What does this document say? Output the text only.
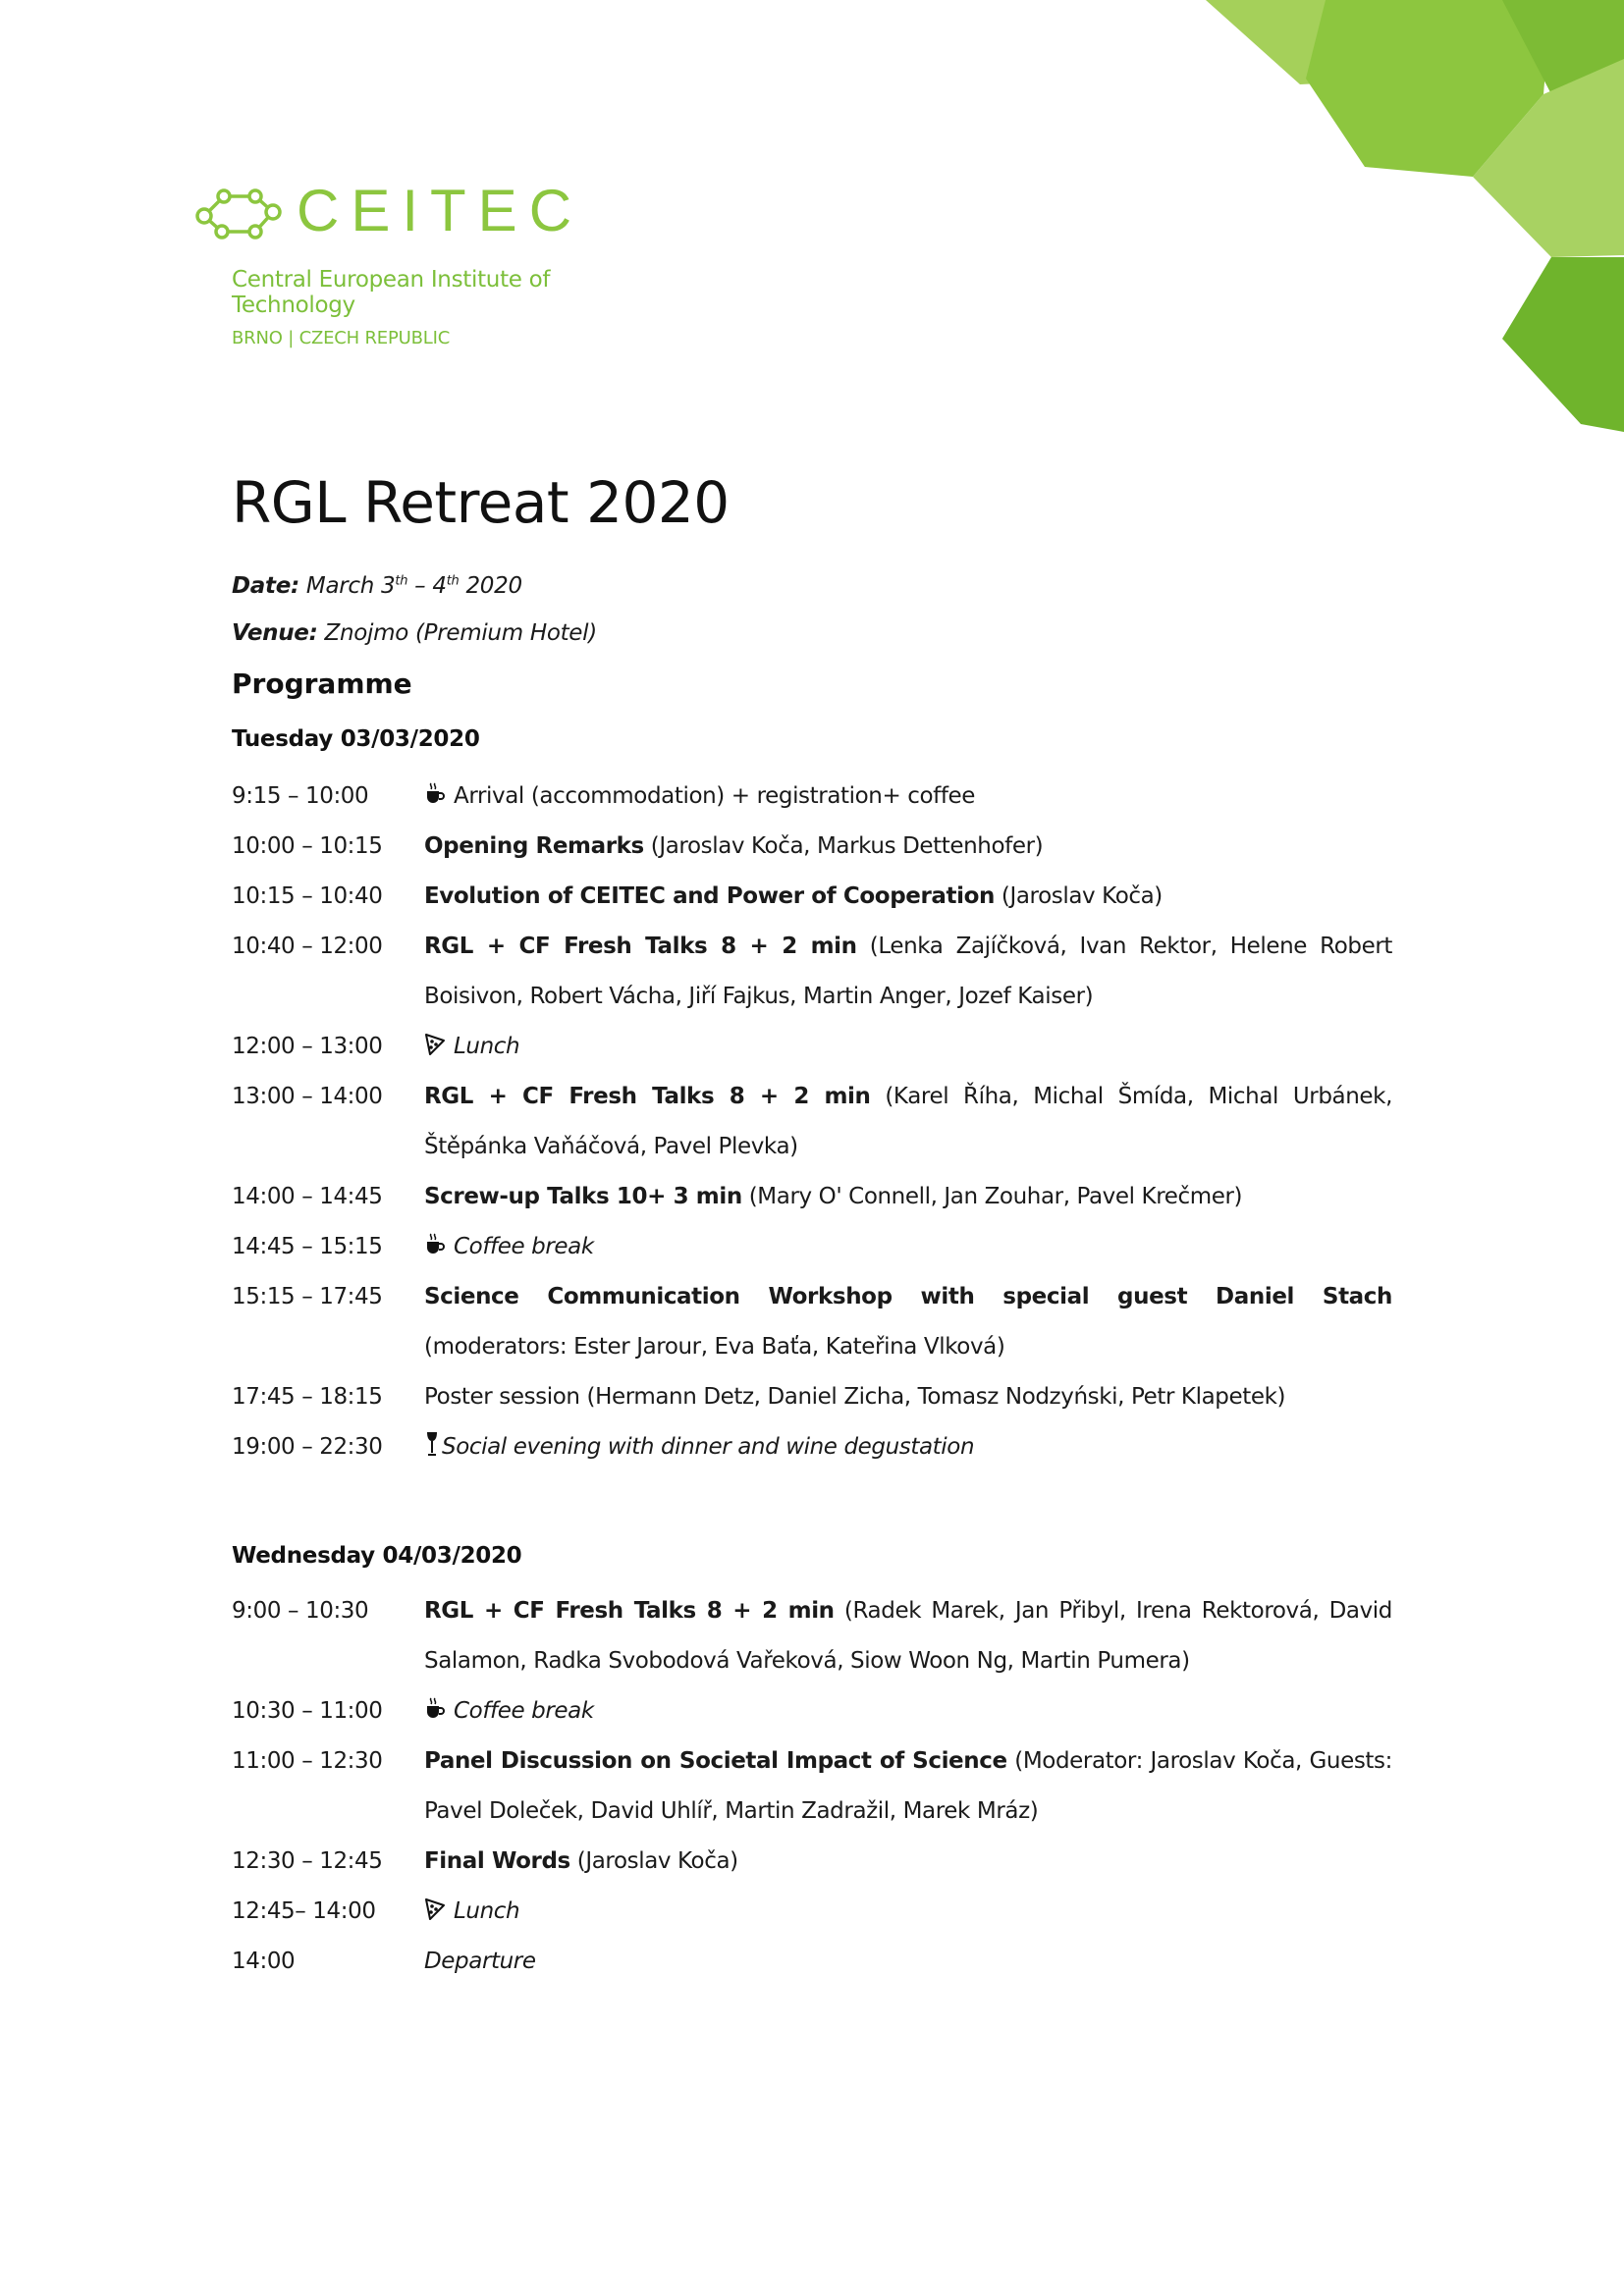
CEITEC
Central European Institute of Technology
BRNO | CZECH REPUBLIC
RGL Retreat 2020
Date: March 3th – 4th 2020
Venue: Znojmo (Premium Hotel)
Programme
Tuesday 03/03/2020
9:15 – 10:00	Arrival (accommodation) + registration+ coffee
10:00 – 10:15	Opening Remarks (Jaroslav Koča, Markus Dettenhofer)
10:15 – 10:40	Evolution of CEITEC and Power of Cooperation (Jaroslav Koča)
10:40 – 12:00	RGL + CF Fresh Talks 8 + 2 min (Lenka Zajíčková, Ivan Rektor, Helene Robert Boisivon, Robert Vácha, Jiří Fajkus, Martin Anger, Jozef Kaiser)
12:00 – 13:00	Lunch
13:00 – 14:00	RGL + CF Fresh Talks 8 + 2 min (Karel Říha, Michal Šmída, Michal Urbánek, Štěpánka Vaňáčová, Pavel Plevka)
14:00 – 14:45	Screw-up Talks 10+ 3 min (Mary O' Connell, Jan Zouhar, Pavel Krečmer)
14:45 – 15:15	Coffee break
15:15 – 17:45	Science Communication Workshop with special guest Daniel Stach (moderators: Ester Jarour, Eva Baťa, Kateřina Vlková)
17:45 – 18:15	Poster session (Hermann Detz, Daniel Zicha, Tomasz Nodzyński, Petr Klapetek)
19:00 – 22:30	Social evening with dinner and wine degustation
Wednesday 04/03/2020
9:00 – 10:30	RGL + CF Fresh Talks 8 + 2 min (Radek Marek, Jan Přibyl, Irena Rektorová, David Salamon, Radka Svobodová Vařeková, Siow Woon Ng, Martin Pumera)
10:30 – 11:00	Coffee break
11:00 – 12:30	Panel Discussion on Societal Impact of Science (Moderator: Jaroslav Koča, Guests: Pavel Doleček, David Uhlíř, Martin Zadražil, Marek Mráz)
12:30 – 12:45	Final Words (Jaroslav Koča)
12:45– 14:00	Lunch
14:00	Departure
